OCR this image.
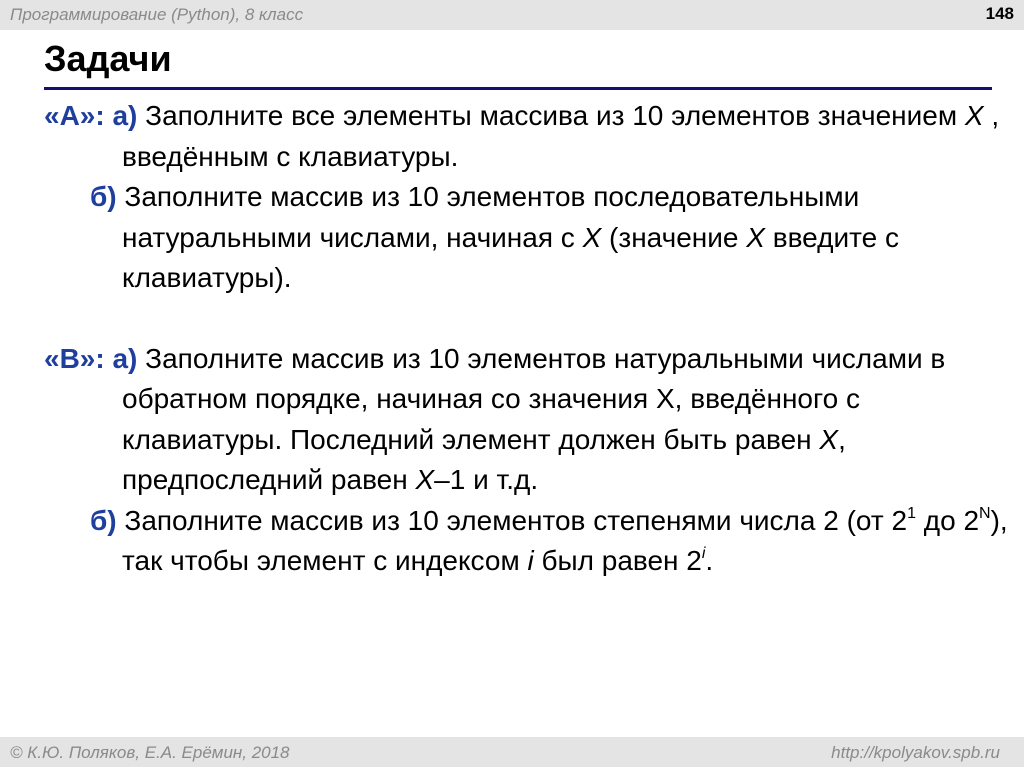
Программирование (Python), 8 класс	148
Задачи
«A»: а) Заполните все элементы массива из 10 элементов значением X , введённым с клавиатуры.
б) Заполните массив из 10 элементов последовательными натуральными числами, начиная с X (значение X введите с клавиатуры).
«B»: а) Заполните массив из 10 элементов натуральными числами в обратном порядке, начиная со значения X, введённого с клавиатуры. Последний элемент должен быть равен X, предпоследний равен X–1 и т.д.
б) Заполните массив из 10 элементов степенями числа 2 (от $2^1$ до $2^N$), так чтобы элемент с индексом i был равен 2$^i$.
© К.Ю. Поляков, Е.А. Ерёмин, 2018	http://kpolyakov.spb.ru
